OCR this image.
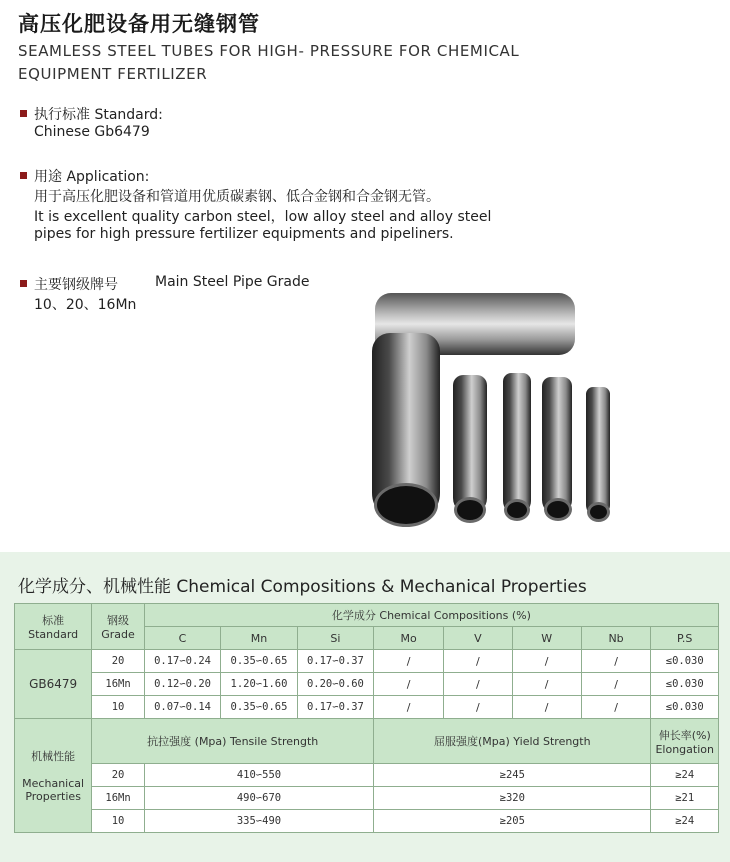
高压化肥设备用无缝钢管
SEAMLESS STEEL TUBES FOR HIGH- PRESSURE FOR CHEMICAL
EQUIPMENT FERTILIZER
执行标准 Standard:
Chinese Gb6479
用途 Application:
用于高压化肥设备和管道用优质碳素钢、低合金钢和合金钢无管。
It is excellent quality carbon steel，low alloy steel and alloy steel
pipes for high pressure fertilizer equipments and pipeliners.
主要钢级牌号	Main Steel Pipe Grade
10、20、16Mn
化学成分、机械性能 Chemical Compositions & Mechanical Properties
标准
Standard	钢级
Grade	化学成分 Chemical Compositions (%)							
		C	Mn	Si	Mo	V	W	Nb	P.S
GB6479	20	0.17∽0.24	0.35∽0.65	0.17∽0.37	/	/	/	/	≤0.030
	16Mn	0.12∽0.20	1.20∽1.60	0.20∽0.60	/	/	/	/	≤0.030
	10	0.07∽0.14	0.35∽0.65	0.17∽0.37	/	/	/	/	≤0.030
机械性能

Mechanical
Properties	抗拉强度 (Mpa) Tensile Strength				屈服强度(Mpa) Yield Strength				伸长率(%)
Elongation
	20	410∽550			≥245				≥24
	16Mn	490∽670			≥320				≥21
	10	335∽490			≥205				≥24
